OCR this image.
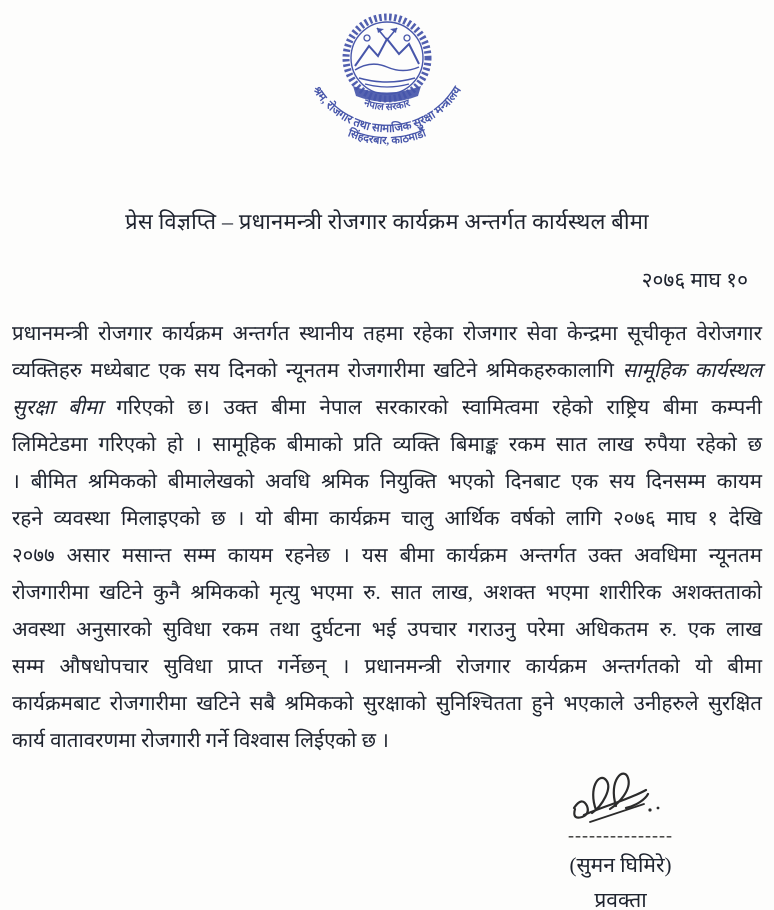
नेपाल सरकार
श्रम, रोजगार तथा सामाजिक सुरक्षा मन्त्रालय
सिंहदरबार, काठमाडौं
प्रेस विज्ञप्ति – प्रधानमन्त्री रोजगार कार्यक्रम अन्तर्गत कार्यस्थल बीमा
२०७६ माघ १०
प्रधानमन्त्री रोजगार कार्यक्रम अन्तर्गत स्थानीय तहमा रहेका रोजगार सेवा केन्द्रमा सूचीकृत वेरोजगार
व्यक्तिहरु मध्येबाट एक सय दिनको न्यूनतम रोजगारीमा खटिने श्रमिकहरुकालागि सामूहिक कार्यस्थल
सुरक्षा बीमा गरिएको छ। उक्त बीमा नेपाल सरकारको स्वामित्वमा रहेको राष्ट्रिय बीमा कम्पनी
लिमिटेडमा गरिएको हो । सामूहिक बीमाको प्रति व्यक्ति बिमाङ्क रकम सात लाख रुपैया रहेको छ
। बीमित श्रमिकको बीमालेखको अवधि श्रमिक नियुक्ति भएको दिनबाट एक सय दिनसम्म कायम
रहने व्यवस्था मिलाइएको छ । यो बीमा कार्यक्रम चालु आर्थिक वर्षको लागि २०७६ माघ १ देखि
२०७७ असार मसान्त सम्म कायम रहनेछ । यस बीमा कार्यक्रम अन्तर्गत उक्त अवधिमा न्यूनतम
रोजगारीमा खटिने कुनै श्रमिकको मृत्यु भएमा रु. सात लाख, अशक्त भएमा शारीरिक अशक्तताको
अवस्था अनुसारको सुविधा रकम तथा दुर्घटना भई उपचार गराउनु परेमा अधिकतम रु. एक लाख
सम्म औषधोपचार सुविधा प्राप्त गर्नेछन् । प्रधानमन्त्री रोजगार कार्यक्रम अन्तर्गतको यो बीमा
कार्यक्रमबाट रोजगारीमा खटिने सबै श्रमिकको सुरक्षाको सुनिश्चितता हुने भएकाले उनीहरुले सुरक्षित
कार्य वातावरणमा रोजगारी गर्ने विश्वास लिईएको छ ।
---------------
(सुमन घिमिरे)
प्रवक्ता
